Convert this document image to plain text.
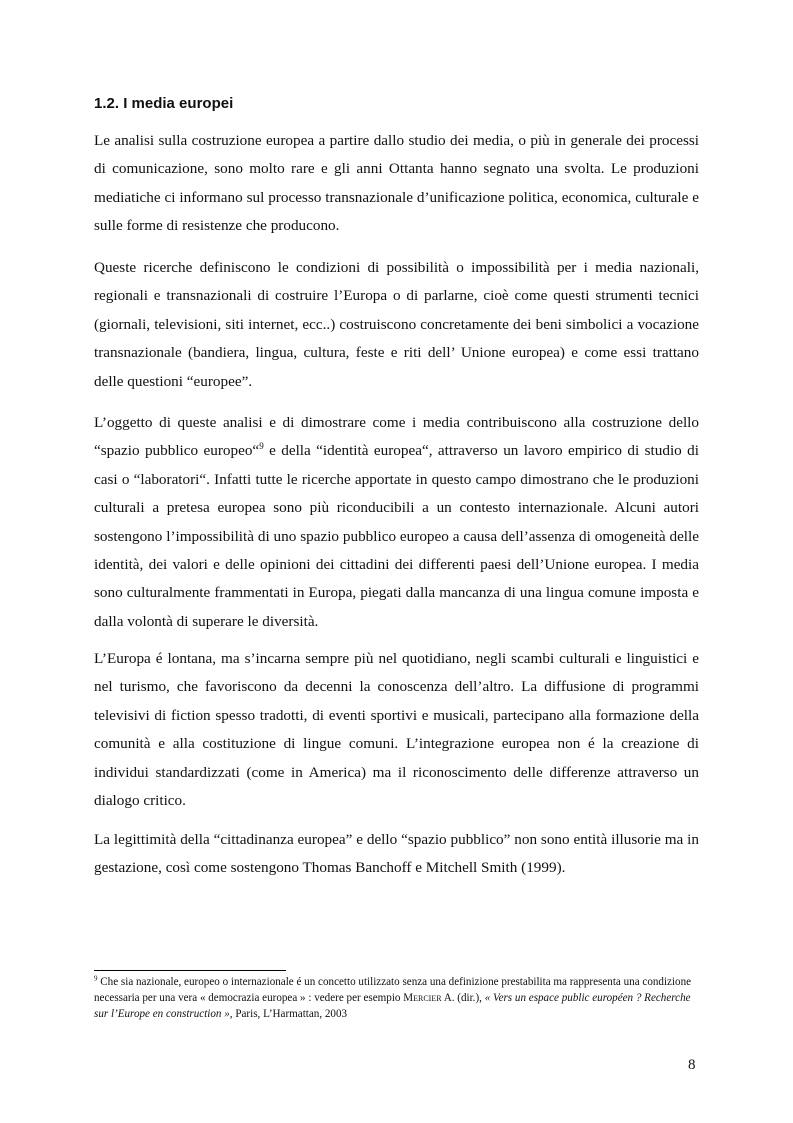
1.2. I media europei

Le analisi sulla costruzione europea a partire dallo studio dei media, o più in generale dei processi di comunicazione, sono molto rare e gli anni Ottanta hanno segnato una svolta. Le produzioni mediatiche ci informano sul processo transnazionale d’unificazione politica, economica, culturale e sulle forme di resistenze che producono.

Queste ricerche definiscono le condizioni di possibilità o impossibilità per i media nazionali, regionali e transnazionali di costruire l’Europa o di parlarne, cioè come questi strumenti tecnici (giornali, televisioni, siti internet, ecc..) costruiscono concretamente dei beni simbolici a vocazione transnazionale (bandiera, lingua, cultura, feste e riti dell’ Unione europea) e come essi trattano delle questioni “europee”.

L’oggetto di queste analisi e di dimostrare come i media contribuiscono alla costruzione dello “spazio pubblico europeo“$^9$ e della “identità europea“, attraverso un lavoro empirico di studio di casi o “laboratori“. Infatti tutte le ricerche apportate in questo campo dimostrano che le produzioni culturali a pretesa europea sono più riconducibili a un contesto internazionale. Alcuni autori sostengono l’impossibilità di uno spazio pubblico europeo a causa dell’assenza di omogeneità delle identità, dei valori e delle opinioni dei cittadini dei differenti paesi dell’Unione europea. I media sono culturalmente frammentati in Europa, piegati dalla mancanza di una lingua comune imposta e dalla volontà di superare le diversità.

L’Europa é lontana, ma s’incarna sempre più nel quotidiano, negli scambi culturali e linguistici e nel turismo, che favoriscono da decenni la conoscenza dell’altro. La diffusione di programmi televisivi di fiction spesso tradotti, di eventi sportivi e musicali, partecipano alla formazione della comunità e alla costituzione di lingue comuni. L’integrazione europea non é la creazione di individui standardizzati (come in America) ma il riconoscimento delle differenze attraverso un dialogo critico.

La legittimità della “cittadinanza europea” e dello “spazio pubblico” non sono entità illusorie ma in gestazione, così come sostengono Thomas Banchoff e Mitchell Smith (1999).

$^9$ Che sia nazionale, europeo o internazionale é un concetto utilizzato senza una definizione prestabilita ma rappresenta una condizione necessaria per una vera « democrazia europea » : vedere per esempio Mercier A. (dir.), « Vers un espace public européen ? Recherche sur l’Europe en construction », Paris, L’Harmattan, 2003

8
